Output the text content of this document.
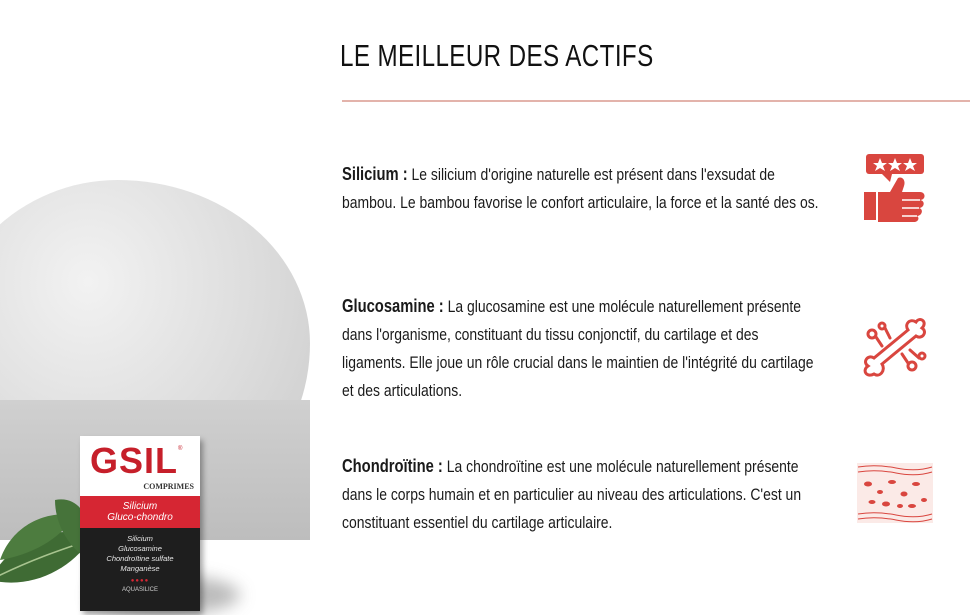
LE MEILLEUR DES ACTIFS
GSIL ®
COMPRIMES
Silicium
Gluco-chondro
Silicium
Glucosamine
Chondroïtine sulfate
Manganèse
●●●●
AQUASILICE

Silicium : Le silicium d'origine naturelle est présent dans l'exsudat de bambou. Le bambou favorise le confort articulaire, la force et la santé des os.

Glucosamine : La glucosamine est une molécule naturellement présente dans l'organisme, constituant du tissu conjonctif, du cartilage et des ligaments. Elle joue un rôle crucial dans le maintien de l'intégrité du cartilage et des articulations.

Chondroïtine : La chondroïtine est une molécule naturellement présente dans le corps humain et en particulier au niveau des articulations. C'est un constituant essentiel du cartilage articulaire.
